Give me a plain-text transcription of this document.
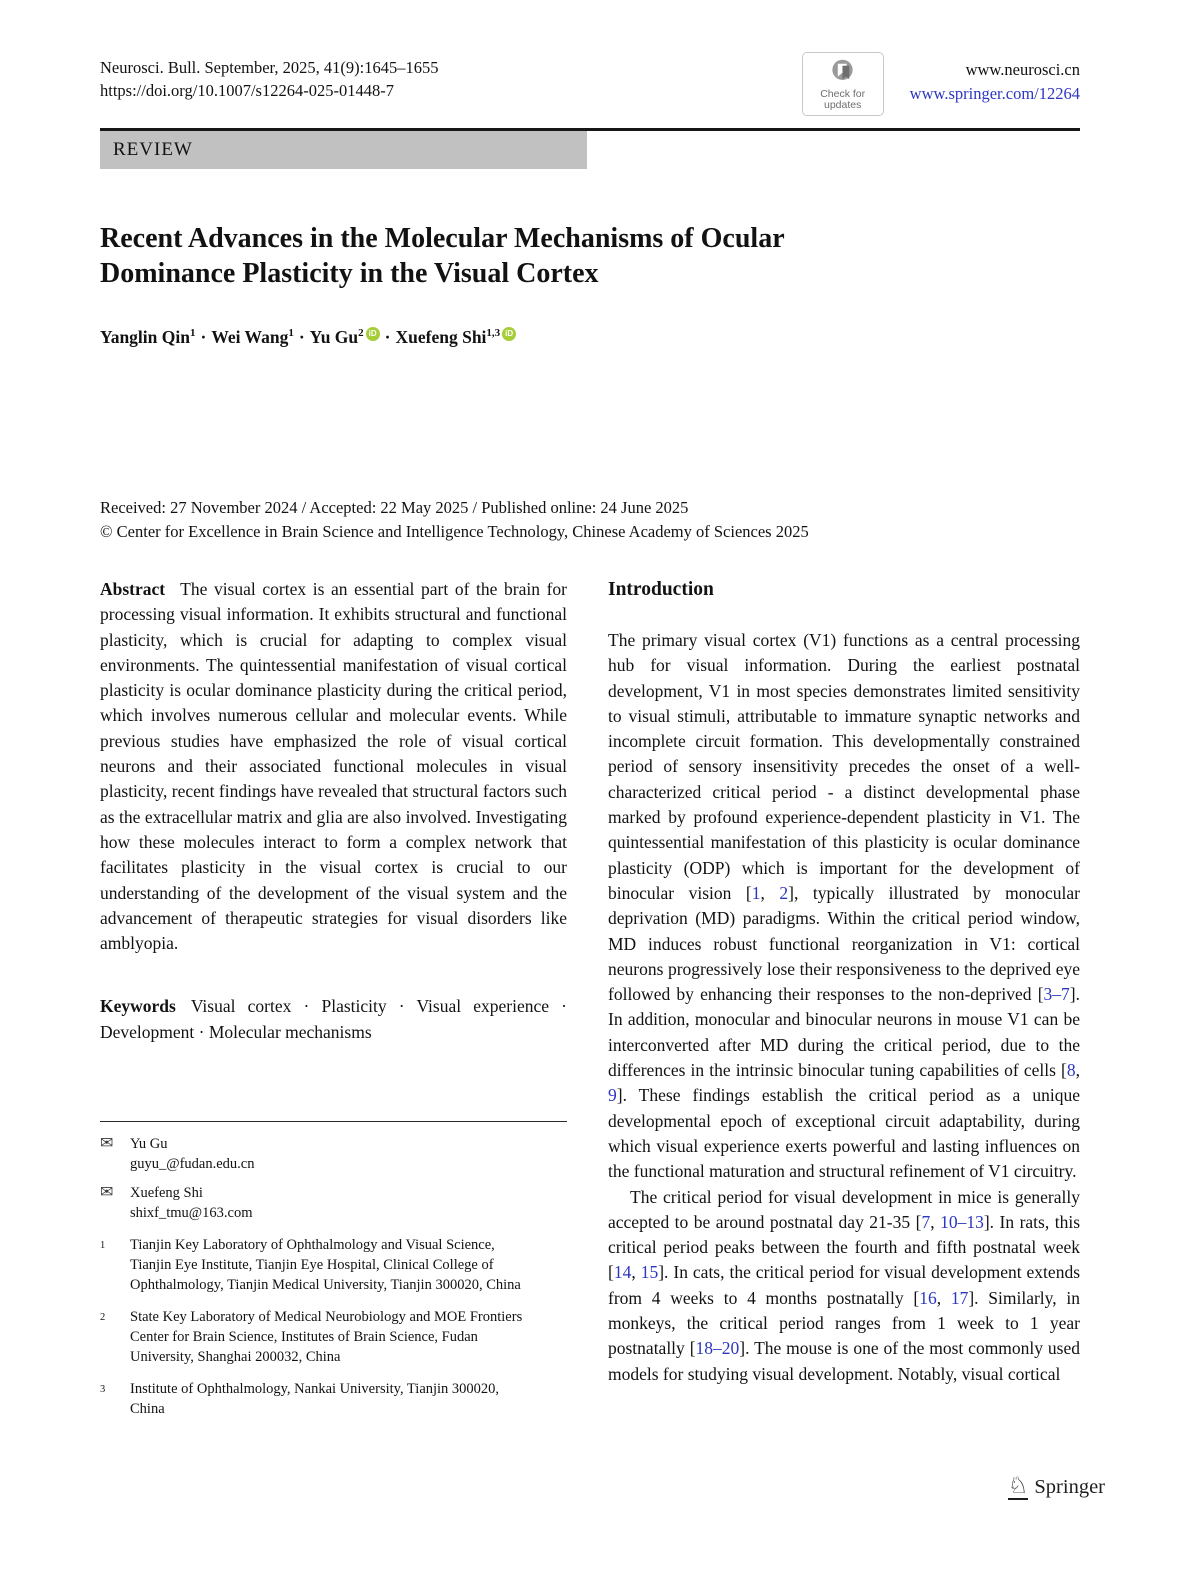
Neurosci. Bull. September, 2025, 41(9):1645–1655
https://doi.org/10.1007/s12264-025-01448-7	Check for
updates
www.neurosci.cn
www.springer.com/12264
REVIEW
Recent Advances in the Molecular Mechanisms of Ocular
Dominance Plasticity in the Visual Cortex
Yanglin Qin$^1$ · Wei Wang$^1$ · Yu Gu$^2$ iD · Xuefeng Shi$^{1,3}$ iD
Received: 27 November 2024 / Accepted: 22 May 2025 / Published online: 24 June 2025
© Center for Excellence in Brain Science and Intelligence Technology, Chinese Academy of Sciences 2025

Abstract The visual cortex is an essential part of the brain for processing visual information. It exhibits structural and functional plasticity, which is crucial for adapting to complex visual environments. The quintessential manifestation of visual cortical plasticity is ocular dominance plasticity during the critical period, which involves numerous cellular and molecular events. While previous studies have emphasized the role of visual cortical neurons and their associated functional molecules in visual plasticity, recent findings have revealed that structural factors such as the extracellular matrix and glia are also involved. Investigating how these molecules interact to form a complex network that facilitates plasticity in the visual cortex is crucial to our understanding of the development of the visual system and the advancement of therapeutic strategies for visual disorders like amblyopia.

Keywords Visual cortex · Plasticity · Visual experience · Development · Molecular mechanisms

✉	Yu Gu
guyu_@fudan.edu.cn
✉	Xuefeng Shi
shixf_tmu@163.com
1	Tianjin Key Laboratory of Ophthalmology and Visual Science, Tianjin Eye Institute, Tianjin Eye Hospital, Clinical College of Ophthalmology, Tianjin Medical University, Tianjin 300020, China
2	State Key Laboratory of Medical Neurobiology and MOE Frontiers Center for Brain Science, Institutes of Brain Science, Fudan University, Shanghai 200032, China
3	Institute of Ophthalmology, Nankai University, Tianjin 300020, China
Introduction

The primary visual cortex (V1) functions as a central processing hub for visual information. During the earliest postnatal development, V1 in most species demonstrates limited sensitivity to visual stimuli, attributable to immature synaptic networks and incomplete circuit formation. This developmentally constrained period of sensory insensitivity precedes the onset of a well-characterized critical period - a distinct developmental phase marked by profound experience-dependent plasticity in V1. The quintessential manifestation of this plasticity is ocular dominance plasticity (ODP) which is important for the development of binocular vision [1, 2], typically illustrated by monocular deprivation (MD) paradigms. Within the critical period window, MD induces robust functional reorganization in V1: cortical neurons progressively lose their responsiveness to the deprived eye followed by enhancing their responses to the non-deprived [3–7]. In addition, monocular and binocular neurons in mouse V1 can be interconverted after MD during the critical period, due to the differences in the intrinsic binocular tuning capabilities of cells [8, 9]. These findings establish the critical period as a unique developmental epoch of exceptional circuit adaptability, during which visual experience exerts powerful and lasting influences on the functional maturation and structural refinement of V1 circuitry.

The critical period for visual development in mice is generally accepted to be around postnatal day 21-35 [7, 10–13]. In rats, this critical period peaks between the fourth and fifth postnatal week [14, 15]. In cats, the critical period for visual development extends from 4 weeks to 4 months postnatally [16, 17]. Similarly, in monkeys, the critical period ranges from 1 week to 1 year postnatally [18–20]. The mouse is one of the most commonly used models for studying visual development. Notably, visual cortical

♘ Springer
